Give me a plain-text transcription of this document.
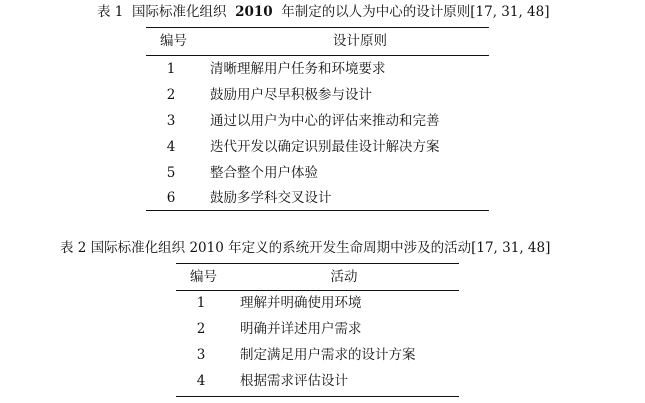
表 1 国际标准化组织 2010 年制定的以人为中心的设计原则[17, 31, 48]
编号	设计原则
1	清晰理解用户任务和环境要求
2	鼓励用户尽早积极参与设计
3	通过以用户为中心的评估来推动和完善
4	迭代开发以确定识别最佳设计解决方案
5	整合整个用户体验
6	鼓励多学科交叉设计
表 2 国际标准化组织 2010 年定义的系统开发生命周期中涉及的活动[17, 31, 48]
编号	活动
1	理解并明确使用环境
2	明确并详述用户需求
3	制定满足用户需求的设计方案
4	根据需求评估设计
